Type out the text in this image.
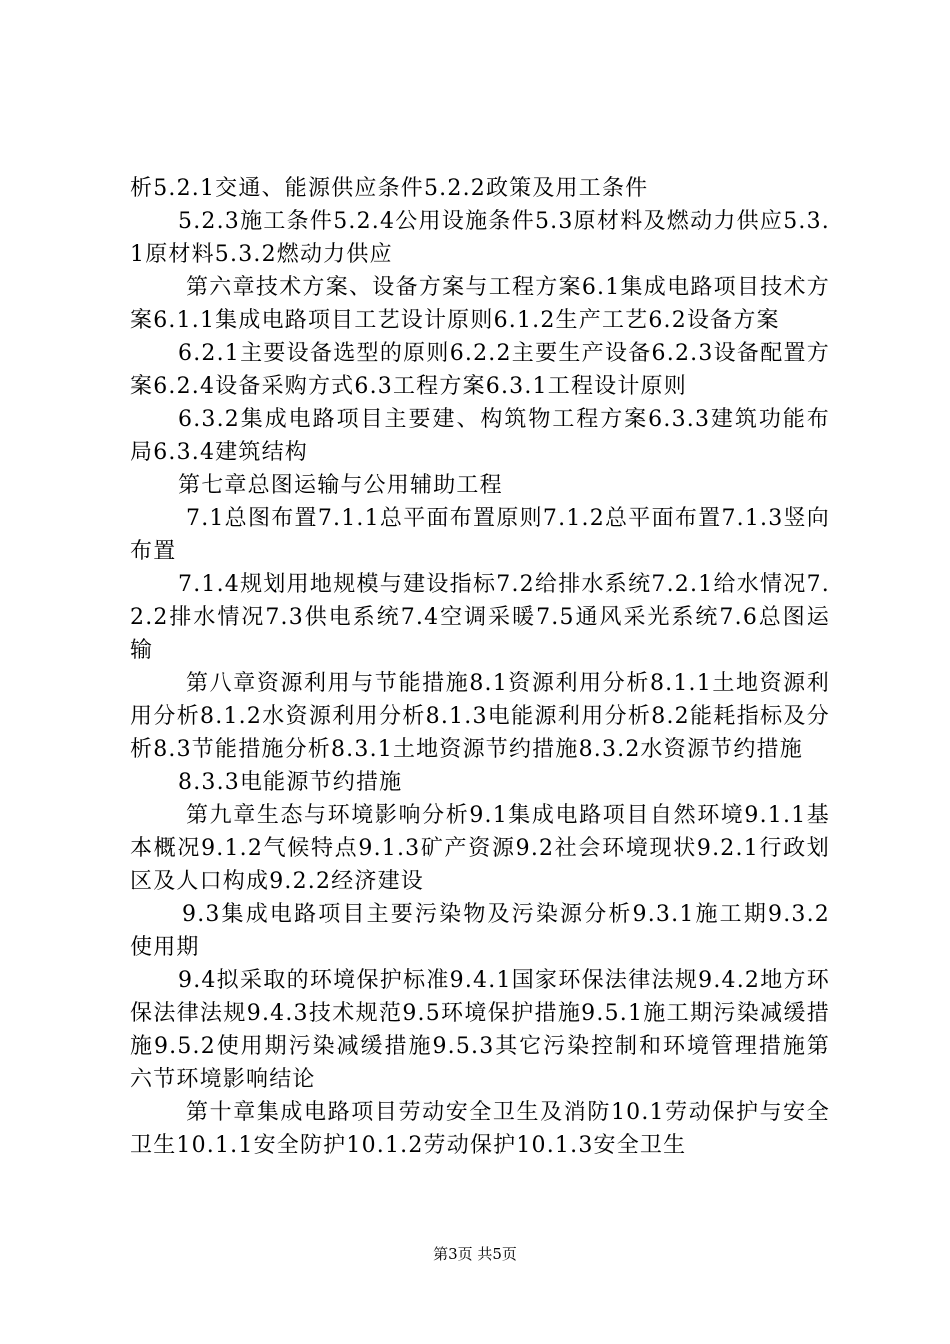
析5.2.1交通、能源供应条件5.2.2政策及用工条件

5.2.3施工条件5.2.4公用设施条件5.3原材料及燃动力供应5.3.1原材料5.3.2燃动力供应

第六章技术方案、设备方案与工程方案6.1集成电路项目技术方案6.1.1集成电路项目工艺设计原则6.1.2生产工艺6.2设备方案

6.2.1主要设备选型的原则6.2.2主要生产设备6.2.3设备配置方案6.2.4设备采购方式6.3工程方案6.3.1工程设计原则

6.3.2集成电路项目主要建、构筑物工程方案6.3.3建筑功能布局6.3.4建筑结构

第七章总图运输与公用辅助工程

7.1总图布置7.1.1总平面布置原则7.1.2总平面布置7.1.3竖向布置

7.1.4规划用地规模与建设指标7.2给排水系统7.2.1给水情况7.2.2排水情况7.3供电系统7.4空调采暖7.5通风采光系统7.6总图运输

第八章资源利用与节能措施8.1资源利用分析8.1.1土地资源利用分析8.1.2水资源利用分析8.1.3电能源利用分析8.2能耗指标及分析8.3节能措施分析8.3.1土地资源节约措施8.3.2水资源节约措施

8.3.3电能源节约措施

第九章生态与环境影响分析9.1集成电路项目自然环境9.1.1基本概况9.1.2气候特点9.1.3矿产资源9.2社会环境现状9.2.1行政划区及人口构成9.2.2经济建设

9.3集成电路项目主要污染物及污染源分析9.3.1施工期9.3.2使用期

9.4拟采取的环境保护标准9.4.1国家环保法律法规9.4.2地方环保法律法规9.4.3技术规范9.5环境保护措施9.5.1施工期污染减缓措施9.5.2使用期污染减缓措施9.5.3其它污染控制和环境管理措施第六节环境影响结论

第十章集成电路项目劳动安全卫生及消防10.1劳动保护与安全卫生10.1.1安全防护10.1.2劳动保护10.1.3安全卫生

第3页 共5页
